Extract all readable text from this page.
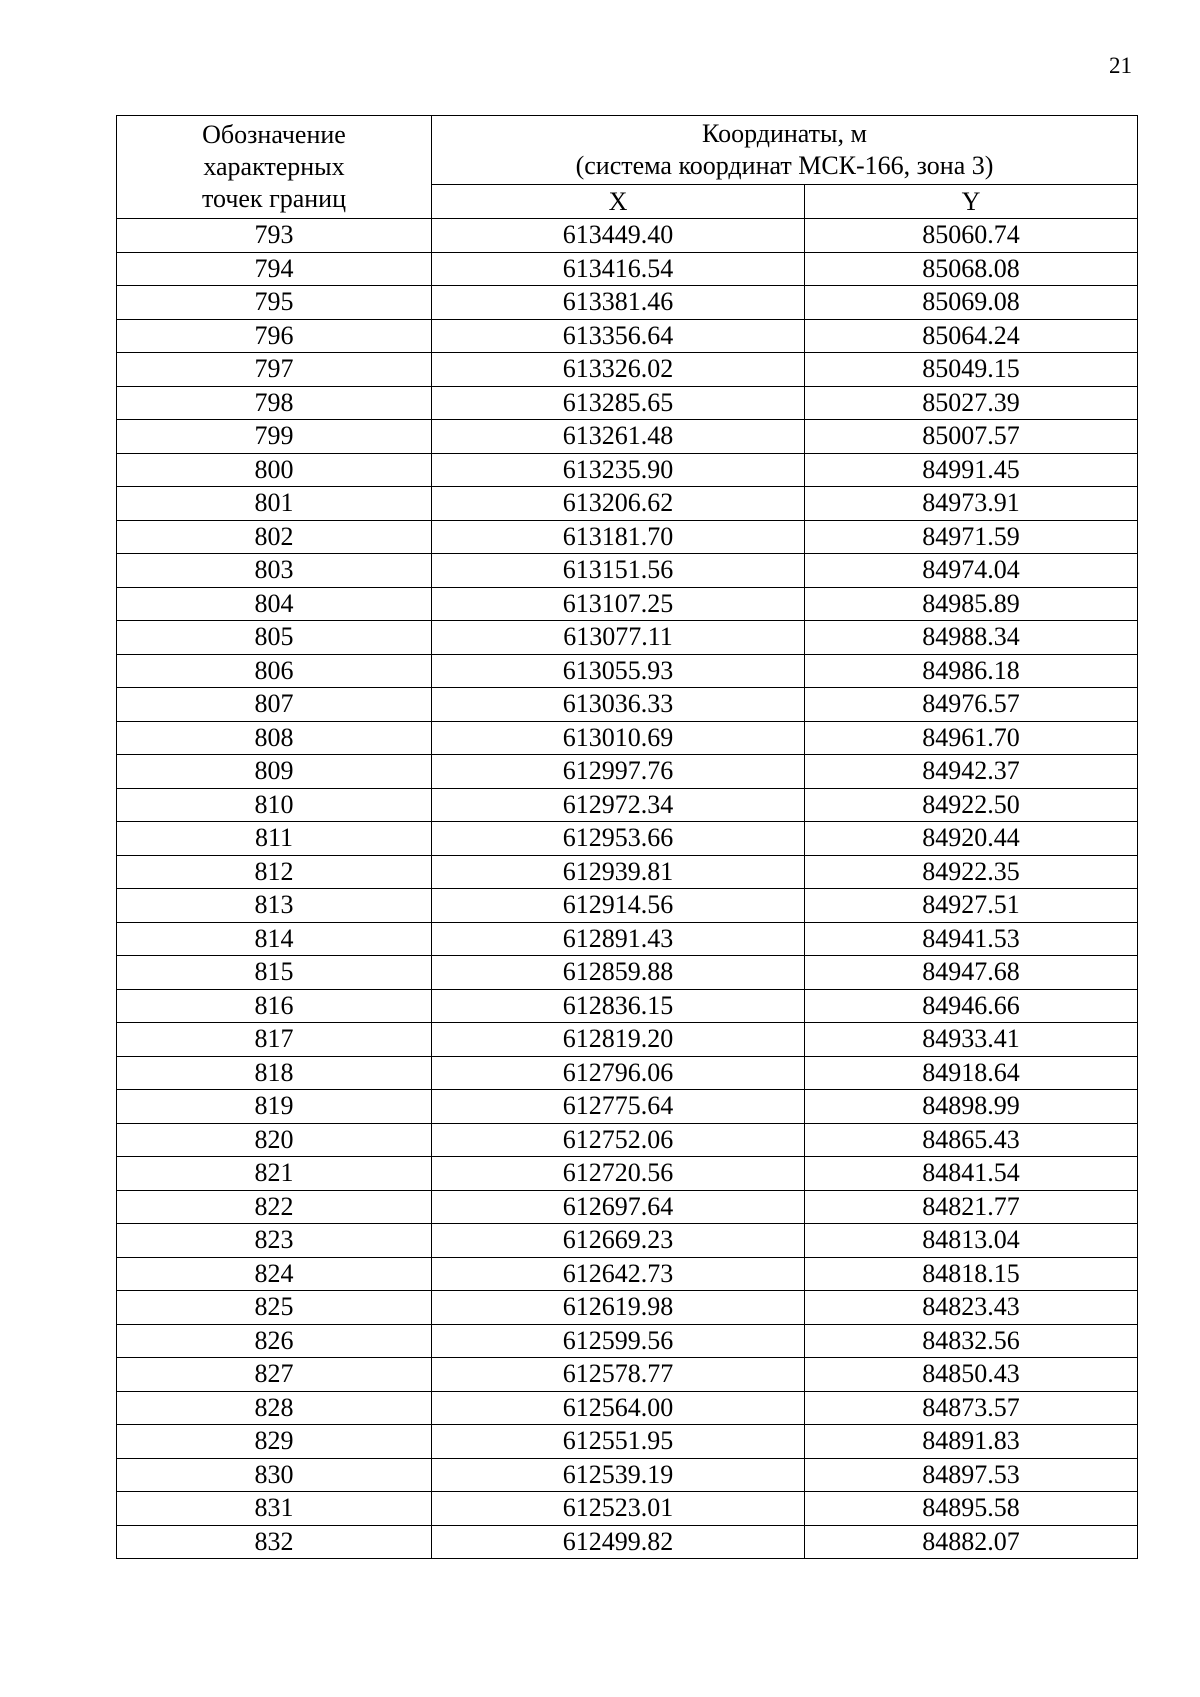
21
Обозначение
характерных
точек границ	Координаты, м
(система координат МСК-166, зона 3)	

	X	Y
793	613449.40	85060.74
794	613416.54	85068.08
795	613381.46	85069.08
796	613356.64	85064.24
797	613326.02	85049.15
798	613285.65	85027.39
799	613261.48	85007.57
800	613235.90	84991.45
801	613206.62	84973.91
802	613181.70	84971.59
803	613151.56	84974.04
804	613107.25	84985.89
805	613077.11	84988.34
806	613055.93	84986.18
807	613036.33	84976.57
808	613010.69	84961.70
809	612997.76	84942.37
810	612972.34	84922.50
811	612953.66	84920.44
812	612939.81	84922.35
813	612914.56	84927.51
814	612891.43	84941.53
815	612859.88	84947.68
816	612836.15	84946.66
817	612819.20	84933.41
818	612796.06	84918.64
819	612775.64	84898.99
820	612752.06	84865.43
821	612720.56	84841.54
822	612697.64	84821.77
823	612669.23	84813.04
824	612642.73	84818.15
825	612619.98	84823.43
826	612599.56	84832.56
827	612578.77	84850.43
828	612564.00	84873.57
829	612551.95	84891.83
830	612539.19	84897.53
831	612523.01	84895.58
832	612499.82	84882.07
